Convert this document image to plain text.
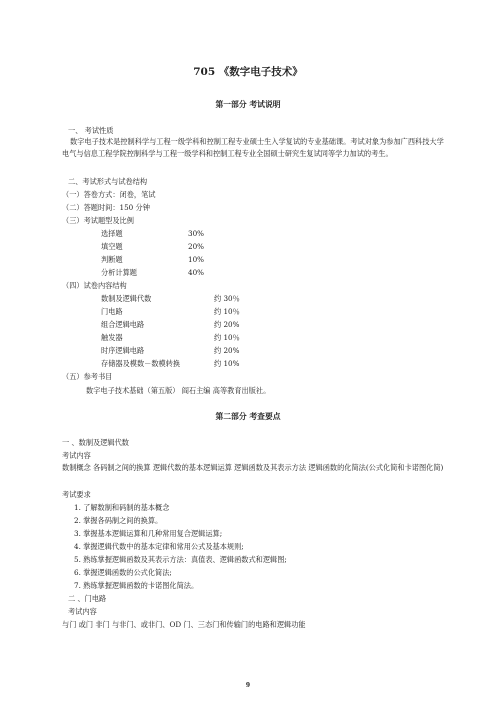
705 《数字电子技术》
第一部分 考试说明
一、 考试性质
数字电子技术是控制科学与工程一级学科和控制工程专业硕士生入学复试的专业基础课。考试对象为参加广西科技大学电气与信息工程学院控制科学与工程一级学科和控制工程专业全国硕士研究生复试同等学力加试的考生。
二、考试形式与试卷结构
（一）答卷方式：闭卷，笔试
（二）答题时间：150 分钟
（三）考试题型及比例
选择题	30%
填空题	20%
判断题	10%
分析计算题	40%
（四）试卷内容结构
数制及逻辑代数	约 30％
门电路	约 10％
组合逻辑电路	约 20%
触发器	约 10％
时序逻辑电路	约 20%
存储器及模数－数模转换	约 10%
（五）参考书目
数字电子技术基础（第五版） 阎石主编 高等教育出版社。
第二部分 考查要点
一 、数制及逻辑代数
考试内容
数制概念 各码制之间的换算 逻辑代数的基本逻辑运算 逻辑函数及其表示方法 逻辑函数的化简法(公式化简和卡诺图化简)
考试要求
1. 了解数制和码制的基本概念
2. 掌握各码制之间的换算。
3. 掌握基本逻辑运算和几种常用复合逻辑运算;
4. 掌握逻辑代数中的基本定律和常用公式及基本规则;
5. 熟练掌握逻辑函数及其表示方法：真值表、逻辑函数式和逻辑图;
6. 掌握逻辑函数的公式化简法;
7. 熟练掌握逻辑函数的卡诺图化简法。
二 、门电路
考试内容
与门 或门 非门 与非门、或非门、OD 门、三态门和传输门的电路和逻辑功能
9
